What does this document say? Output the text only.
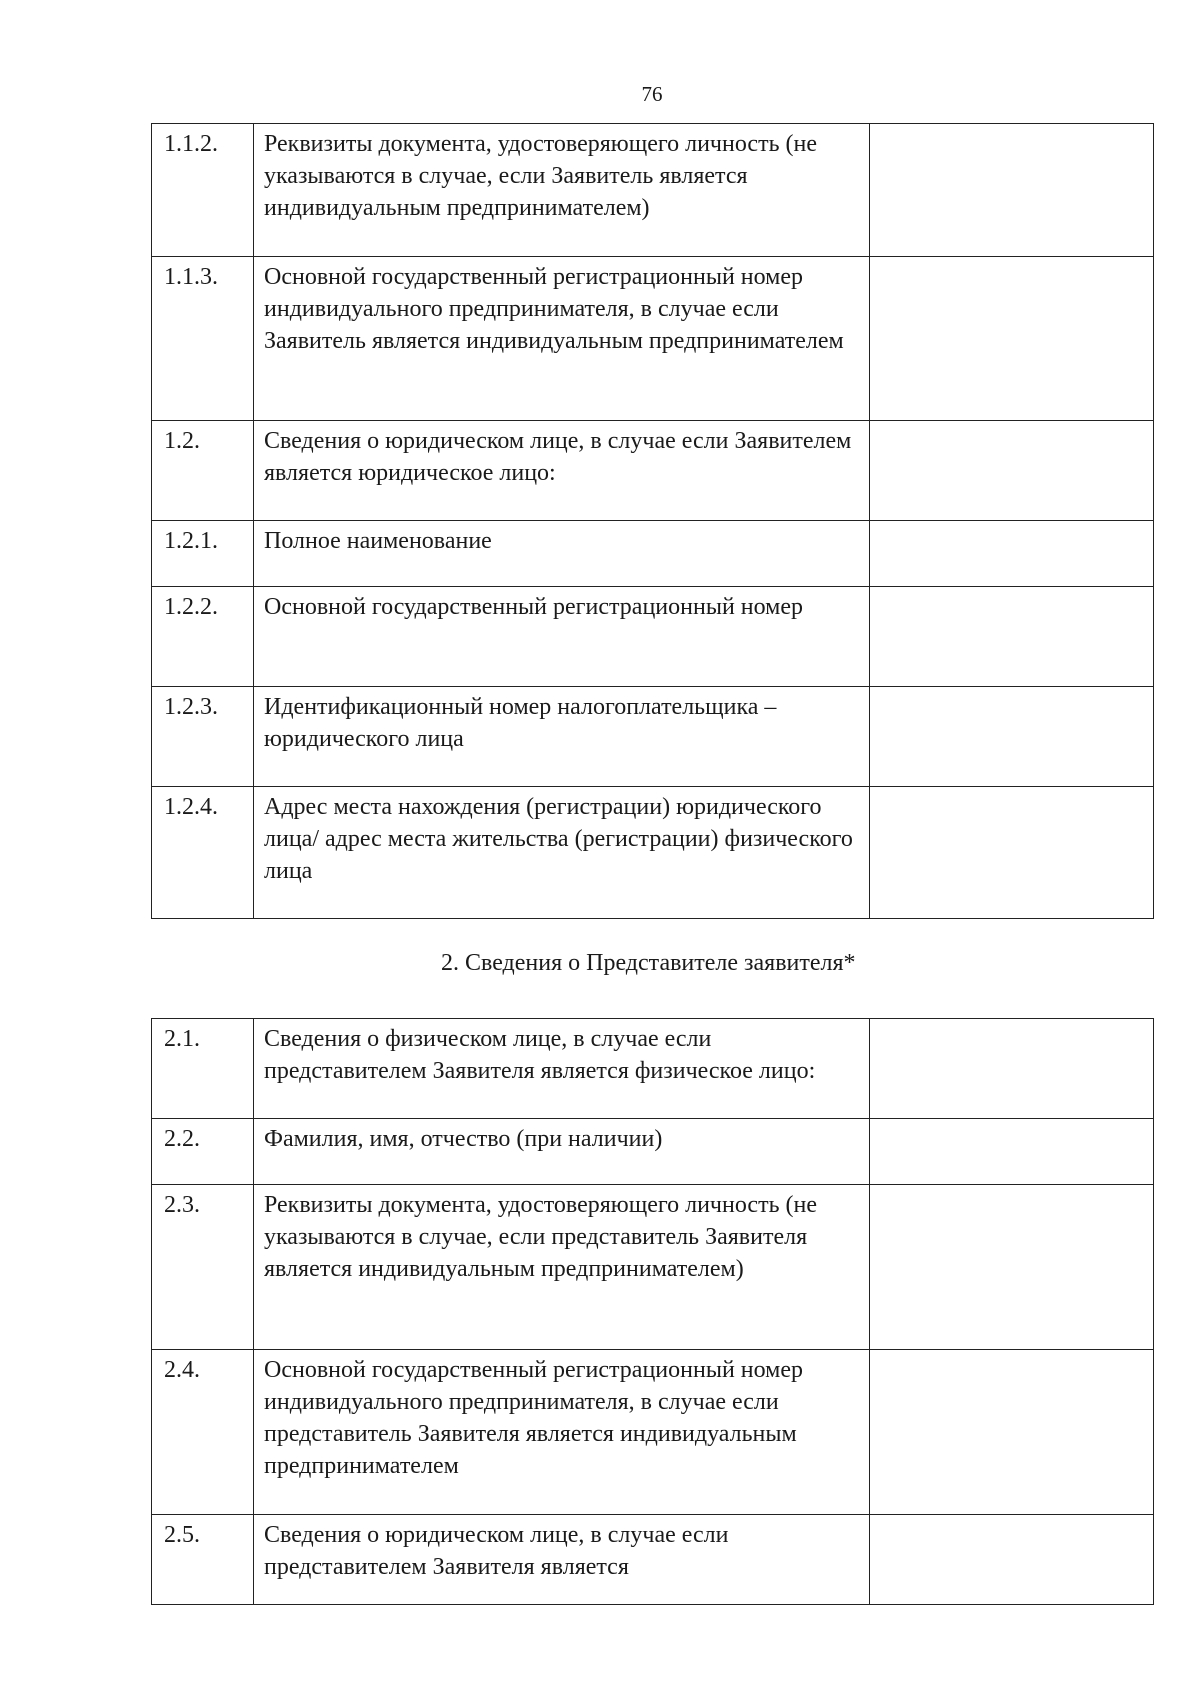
76
1.1.2.	Реквизиты документа, удостоверяющего личность (не указываются в случае, если Заявитель является индивидуальным предпринимателем)	
1.1.3.	Основной государственный регистрационный номер индивидуального предпринимателя, в случае если Заявитель является индивидуальным предпринимателем	
1.2.	Сведения о юридическом лице, в случае если Заявителем является юридическое лицо:	
1.2.1.	Полное наименование	
1.2.2.	Основной государственный регистрационный номер	
1.2.3.	Идентификационный номер налогоплательщика – юридического лица	
1.2.4.	Адрес места нахождения (регистрации) юридического лица/ адрес места жительства (регистрации) физического лица	
2. Сведения о Представителе заявителя*
2.1.	Сведения о физическом лице, в случае если представителем Заявителя является физическое лицо:	
2.2.	Фамилия, имя, отчество (при наличии)	
2.3.	Реквизиты документа, удостоверяющего личность (не указываются в случае, если представитель Заявителя является индивидуальным предпринимателем)	
2.4.	Основной государственный регистрационный номер индивидуального предпринимателя, в случае если представитель Заявителя является индивидуальным предпринимателем	
2.5.	Сведения о юридическом лице, в случае если представителем Заявителя является	
